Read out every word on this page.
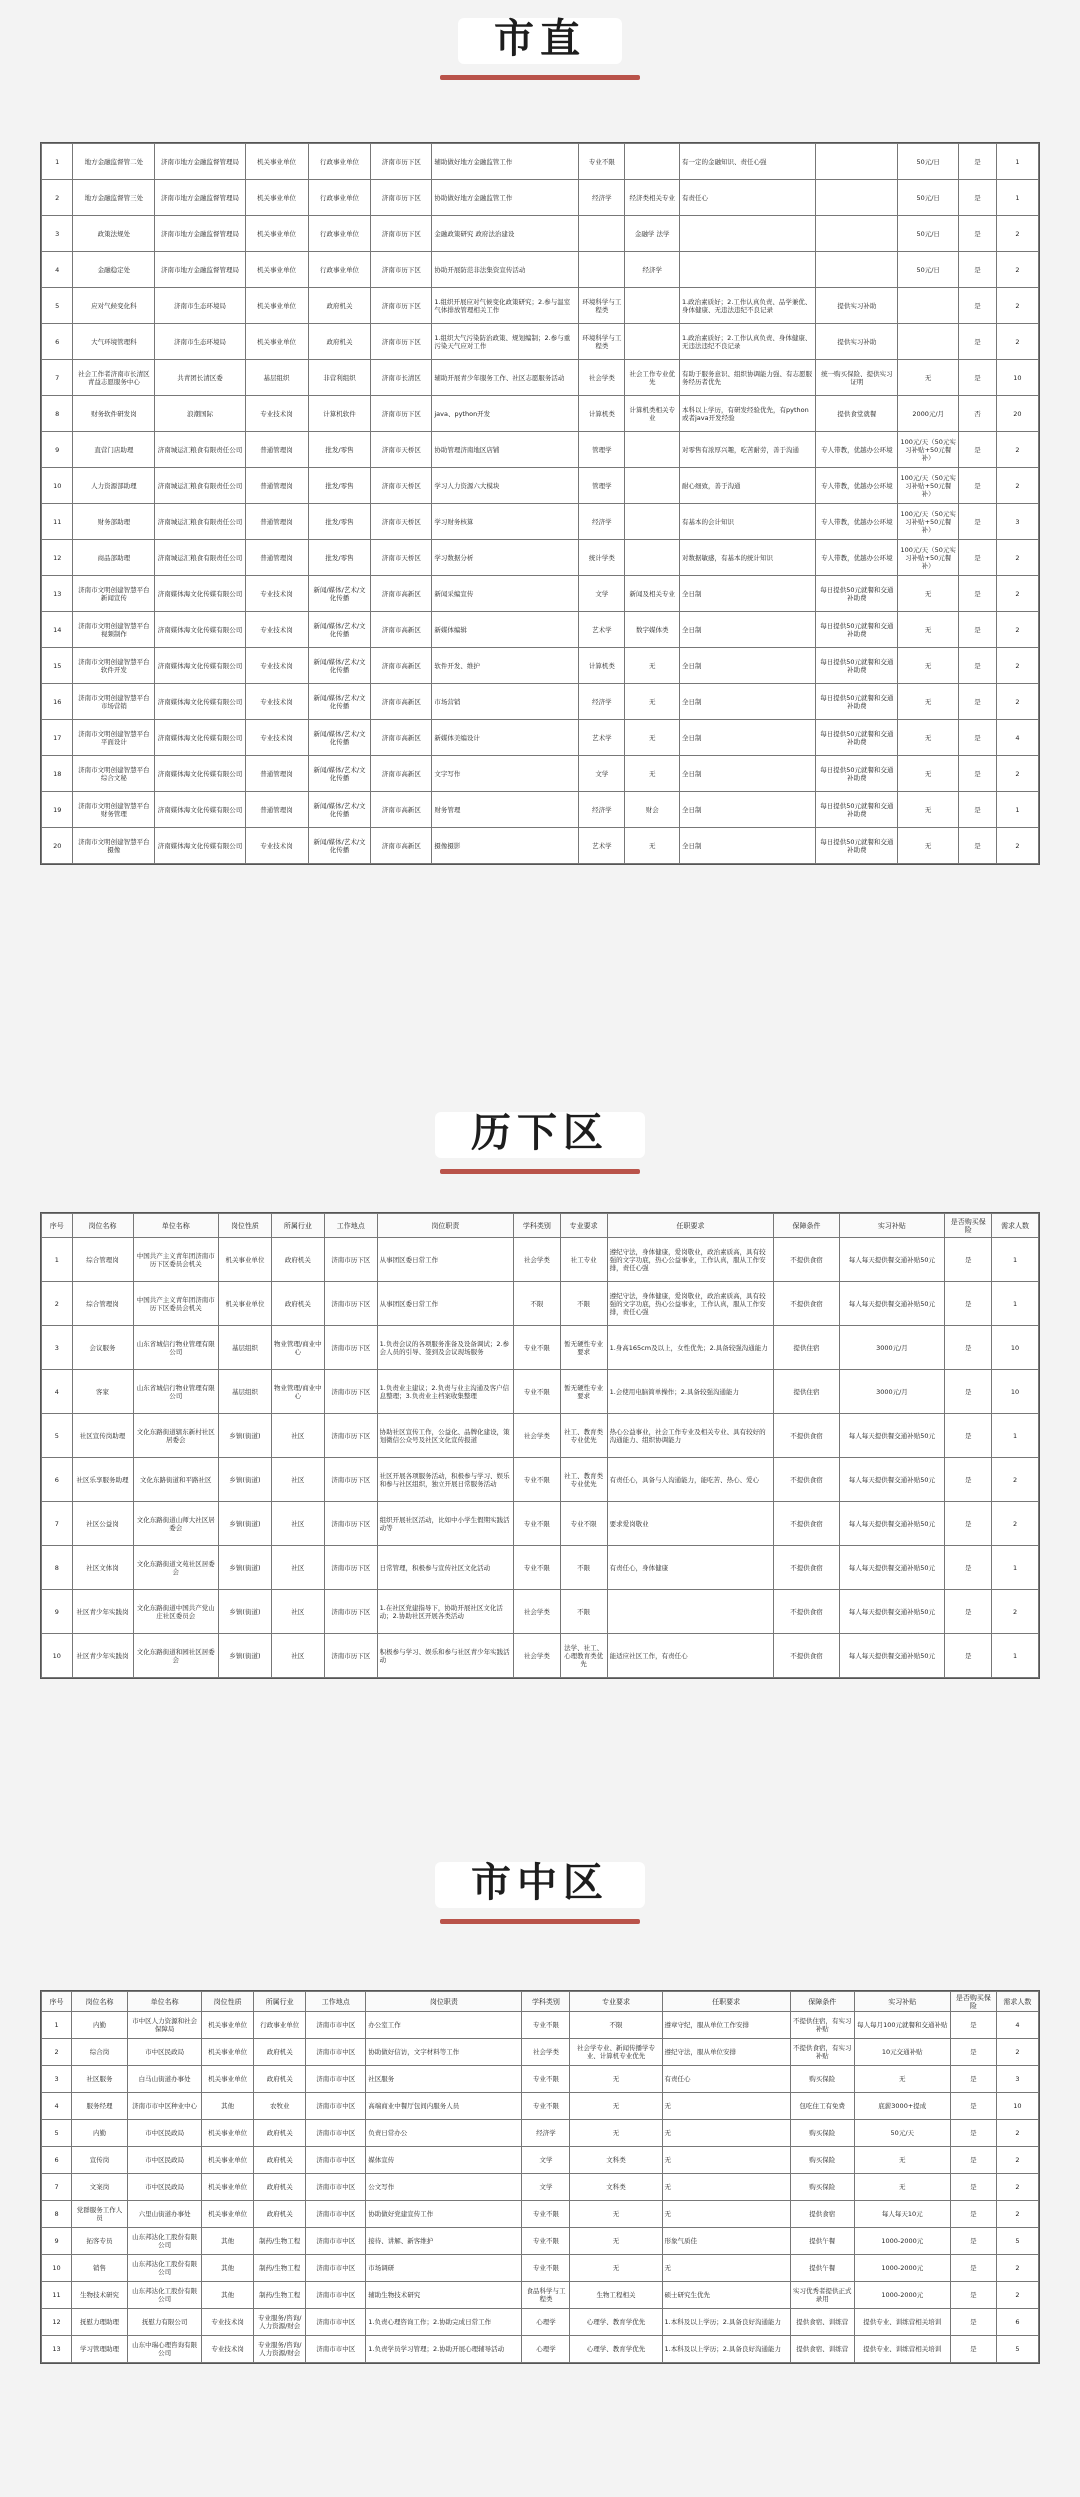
市直
1	地方金融监督管二处	济南市地方金融监督管理局	机关事业单位	行政事业单位	济南市历下区	辅助做好地方金融监管工作	专业不限		有一定的金融知识、责任心强		50元/日	是	1
2	地方金融监督管三处	济南市地方金融监督管理局	机关事业单位	行政事业单位	济南市历下区	协助做好地方金融监管工作	经济学	经济类相关专业	有责任心		50元/日	是	1
3	政策法规处	济南市地方金融监督管理局	机关事业单位	行政事业单位	济南市历下区	金融政策研究 政府法治建设		金融学 法学			50元/日	是	2
4	金融稳定处	济南市地方金融监督管理局	机关事业单位	行政事业单位	济南市历下区	协助开展防范非法集资宣传活动		经济学			50元/日	是	2
5	应对气候变化科	济南市生态环境局	机关事业单位	政府机关	济南市历下区	1.组织开展应对气候变化政策研究；2.参与温室气体排放管理相关工作	环境科学与工程类		1.政治素质好；2.工作认真负责、品学兼优、身体健康、无违法违纪不良记录	提供实习补助		是	2
6	大气环境管理科	济南市生态环境局	机关事业单位	政府机关	济南市历下区	1.组织大气污染防治政策、规划编制；2.参与重污染天气应对工作	环境科学与工程类		1.政治素质好；2.工作认真负责、身体健康、无违法违纪不良记录	提供实习补助		是	2
7	社会工作者济南市长清区青益志愿服务中心	共青团长清区委	基层组织	非营利组织	济南市长清区	辅助开展青少年服务工作、社区志愿服务活动	社会学类	社会工作专业优先	有助于服务意识、组织协调能力强、有志愿服务经历者优先	统一购买保险、提供实习证明	无	是	10
8	财务软件研发岗	浪潮国际	专业技术岗	计算机软件	济南市历下区	java、python开发	计算机类	计算机类相关专业	本科以上学历，有研发经验优先，有python或者java开发经验	提供食堂就餐	2000元/月	否	20
9	直营门店助理	济南城运汇粮食有限责任公司	普通管理岗	批发/零售	济南市天桥区	协助管理济南地区店铺	管理学		对零售有浓厚兴趣，吃苦耐劳，善于沟通	专人带教，优越办公环境	100元/天（50元实习补贴+50元餐补）	是	2
10	人力资源部助理	济南城运汇粮食有限责任公司	普通管理岗	批发/零售	济南市天桥区	学习人力资源六大模块	管理学		耐心细致，善于沟通	专人带教，优越办公环境	100元/天（50元实习补贴+50元餐补）	是	2
11	财务部助理	济南城运汇粮食有限责任公司	普通管理岗	批发/零售	济南市天桥区	学习财务核算	经济学		有基本的会计知识	专人带教，优越办公环境	100元/天（50元实习补贴+50元餐补）	是	3
12	商品部助理	济南城运汇粮食有限责任公司	普通管理岗	批发/零售	济南市天桥区	学习数据分析	统计学类		对数据敏感，有基本的统计知识	专人带教，优越办公环境	100元/天（50元实习补贴+50元餐补）	是	2
13	济南市文明创建智慧平台新闻宣传	济南媒体海文化传媒有限公司	专业技术岗	新闻/媒体/艺术/文化传播	济南市高新区	新闻采编宣传	文学	新闻及相关专业	全日制	每日提供50元就餐和交通补助费	无	是	2
14	济南市文明创建智慧平台视频制作	济南媒体海文化传媒有限公司	专业技术岗	新闻/媒体/艺术/文化传播	济南市高新区	新媒体编辑	艺术学	数字媒体类	全日制	每日提供50元就餐和交通补助费	无	是	2
15	济南市文明创建智慧平台软件开发	济南媒体海文化传媒有限公司	专业技术岗	新闻/媒体/艺术/文化传播	济南市高新区	软件开发、维护	计算机类	无	全日制	每日提供50元就餐和交通补助费	无	是	2
16	济南市文明创建智慧平台市场营销	济南媒体海文化传媒有限公司	专业技术岗	新闻/媒体/艺术/文化传播	济南市高新区	市场营销	经济学	无	全日制	每日提供50元就餐和交通补助费	无	是	2
17	济南市文明创建智慧平台平面设计	济南媒体海文化传媒有限公司	专业技术岗	新闻/媒体/艺术/文化传播	济南市高新区	新媒体美编设计	艺术学	无	全日制	每日提供50元就餐和交通补助费	无	是	4
18	济南市文明创建智慧平台综合文秘	济南媒体海文化传媒有限公司	普通管理岗	新闻/媒体/艺术/文化传播	济南市高新区	文字写作	文学	无	全日制	每日提供50元就餐和交通补助费	无	是	2
19	济南市文明创建智慧平台财务管理	济南媒体海文化传媒有限公司	普通管理岗	新闻/媒体/艺术/文化传播	济南市高新区	财务管理	经济学	财会	全日制	每日提供50元就餐和交通补助费	无	是	1
20	济南市文明创建智慧平台摄像	济南媒体海文化传媒有限公司	专业技术岗	新闻/媒体/艺术/文化传播	济南市高新区	摄像摄影	艺术学	无	全日制	每日提供50元就餐和交通补助费	无	是	2
历下区
序号	岗位名称	单位名称	岗位性质	所属行业	工作地点	岗位职责	学科类别	专业要求	任职要求	保障条件	实习补贴	是否购买保险	需求人数
1	综合管理岗	中国共产主义青年团济南市历下区委员会机关	机关事业单位	政府机关	济南市历下区	从事团区委日常工作	社会学类	社工专业	遵纪守法，身体健康，爱岗敬业，政治素质高，具有较强的文字功底，热心公益事业，工作认真，服从工作安排，责任心强	不提供食宿	每人每天提供餐交通补贴50元	是	1
2	综合管理岗	中国共产主义青年团济南市历下区委员会机关	机关事业单位	政府机关	济南市历下区	从事团区委日常工作	不限	不限	遵纪守法，身体健康，爱岗敬业，政治素质高，具有较强的文字功底，热心公益事业，工作认真，服从工作安排，责任心强	不提供食宿	每人每天提供餐交通补贴50元	是	1
3	会议服务	山东省城信行物业管理有限公司	基层组织	物业管理/商业中心	济南市历下区	1.负责会议的各项服务准备及设备调试；2.参会人员的引导、签到及会议现场服务	专业不限	暂无硬性专业要求	1.身高165cm及以上，女性优先；2.具备较强沟通能力	提供住宿	3000元/月	是	10
4	客家	山东省城信行物业管理有限公司	基层组织	物业管理/商业中心	济南市历下区	1.负责业主建议；2.负责与业主沟通及客户信息整理；3.负责业主档案收集整理	专业不限	暂无硬性专业要求	1.会使用电脑简单操作；2.具备较强沟通能力	提供住宿	3000元/月	是	10
5	社区宣传岗助理	文化东路街道辖东新村社区居委会	乡镇(街道)	社区	济南市历下区	协助社区宣传工作，公益化、品牌化建设，策划微信公众号及社区文化宣传报道	社会学类	社工、教育类专业优先	热心公益事业，社会工作专业及相关专业、具有较好的沟通能力、组织协调能力	不提供食宿	每人每天提供餐交通补贴50元	是	1
6	社区乐享服务助理	文化东路街道和平路社区	乡镇(街道)	社区	济南市历下区	社区开展各项服务活动，积极参与学习、娱乐和参与社区组织，独立开展日常服务活动	专业不限	社工、教育类专业优先	有责任心，具备与人沟通能力，能吃苦、热心、爱心	不提供食宿	每人每天提供餐交通补贴50元	是	2
7	社区公益岗	文化东路街道山师大社区居委会	乡镇(街道)	社区	济南市历下区	组织开展社区活动，比如中小学生假期实践活动等	专业不限	专业不限	要求爱岗敬业	不提供食宿	每人每天提供餐交通补贴50元	是	2
8	社区文体岗	文化东路街道文苑社区居委会	乡镇(街道)	社区	济南市历下区	日常管理，积极参与宣传社区文化活动	专业不限	不限	有责任心，身体健康	不提供食宿	每人每天提供餐交通补贴50元	是	1
9	社区青少年实践岗	文化东路街道中国共产党山庄社区委员会	乡镇(街道)	社区	济南市历下区	1.在社区党建指导下，协助开展社区文化活动；2.协助社区开展各类活动	社会学类	不限		不提供食宿	每人每天提供餐交通补贴50元	是	2
10	社区青少年实践岗	文化东路街道和园社区居委会	乡镇(街道)	社区	济南市历下区	积极参与学习、娱乐和参与社区青少年实践活动	社会学类	法学、社工、心理教育类优先	能适应社区工作，有责任心	不提供食宿	每人每天提供餐交通补贴50元	是	1
市中区
序号	岗位名称	单位名称	岗位性质	所属行业	工作地点	岗位职责	学科类别	专业要求	任职要求	保障条件	实习补贴	是否购买保险	需求人数
1	内勤	市中区人力资源和社会保障局	机关事业单位	行政事业单位	济南市市中区	办公室工作	专业不限	不限	遵章守纪，服从单位工作安排	不提供住宿，有实习补贴	每人每月100元就餐和交通补贴	是	4
2	综合岗	市中区民政局	机关事业单位	政府机关	济南市市中区	协助做好信访，文字材料等工作	社会学类	社会学专业、新闻传播学专业、计算机专业优先	遵纪守法，服从单位安排	不提供食宿，有实习补贴	10元交通补贴	是	2
3	社区服务	白马山街道办事处	机关事业单位	政府机关	济南市市中区	社区服务	专业不限	无	有责任心	购买保险	无	是	3
4	服务经理	济南市市中区种业中心	其他	农牧业	济南市市中区	高端商业中餐厅包间内服务人员	专业不限	无	无	包吃住工有免费	底薪3000+提成	是	10
5	内勤	市中区民政局	机关事业单位	政府机关	济南市市中区	负责日常办公	经济学	无	无	购买保险	50元/天	是	2
6	宣传岗	市中区民政局	机关事业单位	政府机关	济南市市中区	媒体宣传	文学	文科类	无	购买保险	无	是	2
7	文案岗	市中区民政局	机关事业单位	政府机关	济南市市中区	公文写作	文学	文科类	无	购买保险	无	是	2
8	党群服务工作人员	六里山街道办事处	机关事业单位	政府机关	济南市市中区	协助做好党建宣传工作	专业不限	无	无	提供食宿	每人每天10元	是	2
9	拓客专员	山东邦达化工股份有限公司	其他	制药/生物工程	济南市市中区	接待、讲解、新客维护	专业不限	无	形象气质佳	提供午餐	1000-2000元	是	5
10	销售	山东邦达化工股份有限公司	其他	制药/生物工程	济南市市中区	市场调研	专业不限	无	无	提供午餐	1000-2000元	是	2
11	生物技术研究	山东邦达化工股份有限公司	其他	制药/生物工程	济南市市中区	辅助生物技术研究	食品科学与工程类	生物工程相关	硕士研究生优先	实习优秀者提供正式录用	1000-2000元	是	2
12	抚慰力理助理	抚慰力有限公司	专业技术岗	专业服务/咨询/人力资源/财会	济南市市中区	1.负责心理咨询工作；2.协助完成日常工作	心理学	心理学、教育学优先	1.本科及以上学历；2.具备良好沟通能力	提供食宿、训练营	提供专业、训练营相关培训	是	6
13	学习管理助理	山东中瑞心理咨询有限公司	专业技术岗	专业服务/咨询/人力资源/财会	济南市市中区	1.负责学员学习管理；2.协助开展心理辅导活动	心理学	心理学、教育学优先	1.本科及以上学历；2.具备良好沟通能力	提供食宿、训练营	提供专业、训练营相关培训	是	5
